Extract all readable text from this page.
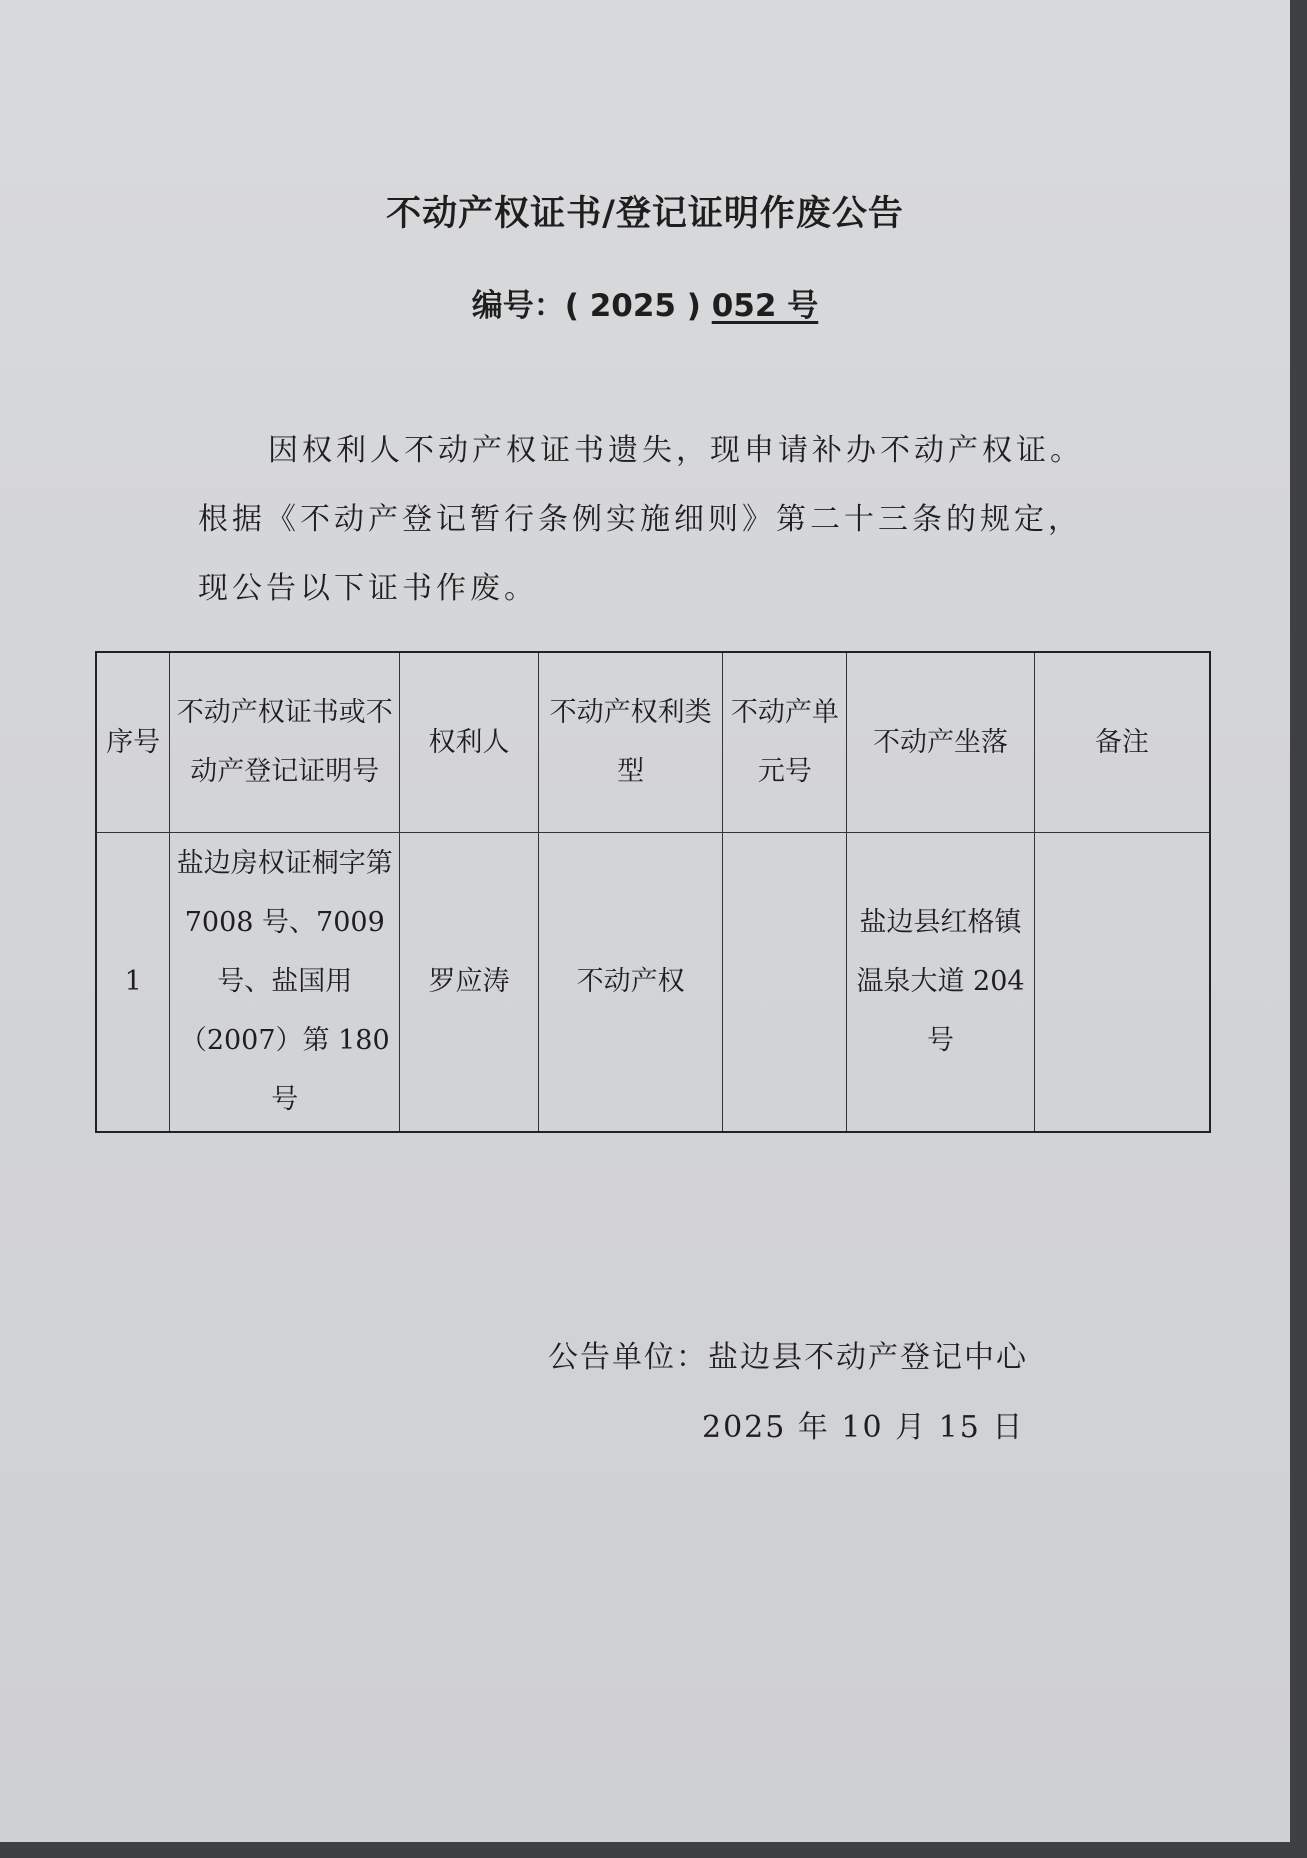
不动产权证书/登记证明作废公告
编号：( 2025 ) 052 号

因权利人不动产权证书遗失，现申请补办不动产权证。

根据《不动产登记暂行条例实施细则》第二十三条的规定，

现公告以下证书作废。

序号	不动产权证书或不动产登记证明号	权利人	不动产权利类　型	不动产单元号	不动产坐落	备注
1	盐边房权证桐字第 7008 号、7009 号、盐国用（2007）第 180 号	罗应涛	不动产权		盐边县红格镇温泉大道 204 号	
公告单位：盐边县不动产登记中心
2025 年 10 月 15 日
